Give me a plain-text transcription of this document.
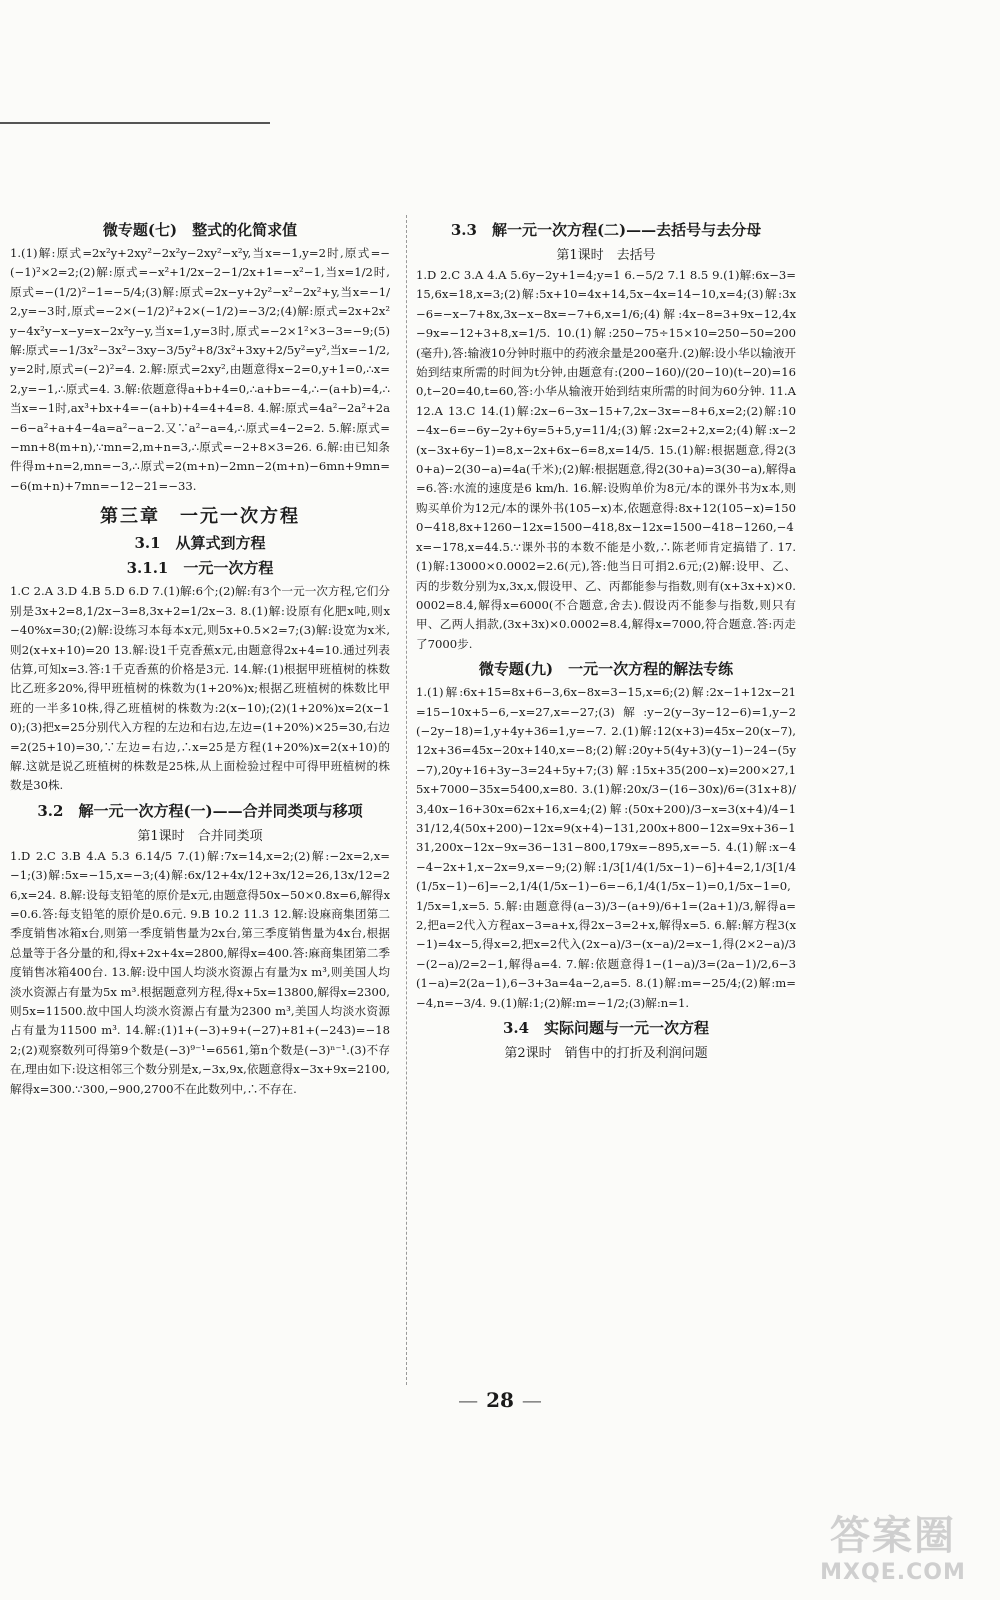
微专题(七)　整式的化简求值

1.(1)解:原式=2x²y+2xy²−2x²y−2xy²−x²y,当x=−1,y=2时,原式=−(−1)²×2=2;(2)解:原式=−x²+1/2x−2−1/2x+1=−x²−1,当x=1/2时,原式=−(1/2)²−1=−5/4;(3)解:原式=2x−y+2y²−x²−2x²+y,当x=−1/2,y=−3时,原式=−2×(−1/2)²+2×(−1/2)=−3/2;(4)解:原式=2x+2x²y−4x²y−x−y=x−2x²y−y,当x=1,y=3时,原式=−2×1²×3−3=−9;(5)解:原式=−1/3x²−3x²−3xy−3/5y²+8/3x²+3xy+2/5y²=y²,当x=−1/2,y=2时,原式=(−2)²=4. 2.解:原式=2xy²,由题意得x−2=0,y+1=0,∴x=2,y=−1,∴原式=4. 3.解:依题意得a+b+4=0,∴a+b=−4,∴−(a+b)=4,∴当x=−1时,ax³+bx+4=−(a+b)+4=4+4=8. 4.解:原式=4a²−2a²+2a−6−a²+a+4−4a=a²−a−2.又∵a²−a=4,∴原式=4−2=2. 5.解:原式=−mn+8(m+n),∵mn=2,m+n=3,∴原式=−2+8×3=26. 6.解:由已知条件得m+n=2,mn=−3,∴原式=2(m+n)−2mn−2(m+n)−6mn+9mn=−6(m+n)+7mn=−12−21=−33.

第三章　一元一次方程
3.1　从算式到方程
3.1.1　一元一次方程

1.C 2.A 3.D 4.B 5.D 6.D 7.(1)解:6个;(2)解:有3个一元一次方程,它们分别是3x+2=8,1/2x−3=8,3x+2=1/2x−3. 8.(1)解:设原有化肥x吨,则x−40%x=30;(2)解:设练习本每本x元,则5x+0.5×2=7;(3)解:设宽为x米,则2(x+x+10)=20 13.解:设1千克香蕉x元,由题意得2x+4=10.通过列表估算,可知x=3.答:1千克香蕉的价格是3元. 14.解:(1)根据甲班植树的株数比乙班多20%,得甲班植树的株数为(1+20%)x;根据乙班植树的株数比甲班的一半多10株,得乙班植树的株数为:2(x−10);(2)(1+20%)x=2(x−10);(3)把x=25分别代入方程的左边和右边,左边=(1+20%)×25=30,右边=2(25+10)=30,∵左边=右边,∴x=25是方程(1+20%)x=2(x+10)的解.这就是说乙班植树的株数是25株,从上面检验过程中可得甲班植树的株数是30株.

3.2　解一元一次方程(一)——合并同类项与移项
第1课时　合并同类项

1.D 2.C 3.B 4.A 5.3 6.14/5 7.(1)解:7x=14,x=2;(2)解:−2x=2,x=−1;(3)解:5x=−15,x=−3;(4)解:6x/12+4x/12+3x/12=26,13x/12=26,x=24. 8.解:设每支铅笔的原价是x元,由题意得50x−50×0.8x=6,解得x=0.6.答:每支铅笔的原价是0.6元. 9.B 10.2 11.3 12.解:设麻商集团第二季度销售冰箱x台,则第一季度销售量为2x台,第三季度销售量为4x台,根据总量等于各分量的和,得x+2x+4x=2800,解得x=400.答:麻商集团第二季度销售冰箱400台. 13.解:设中国人均淡水资源占有量为x m³,则美国人均淡水资源占有量为5x m³.根据题意列方程,得x+5x=13800,解得x=2300,则5x=11500.故中国人均淡水资源占有量为2300 m³,美国人均淡水资源占有量为11500 m³. 14.解:(1)1+(−3)+9+(−27)+81+(−243)=−182;(2)观察数列可得第9个数是(−3)⁹⁻¹=6561,第n个数是(−3)ⁿ⁻¹.(3)不存在,理由如下:设这相邻三个数分别是x,−3x,9x,依题意得x−3x+9x=2100,解得x=300.∵300,−900,2700不在此数列中,∴不存在.

3.3　解一元一次方程(二)——去括号与去分母
第1课时　去括号

1.D 2.C 3.A 4.A 5.6y−2y+1=4;y=1 6.−5/2 7.1 8.5 9.(1)解:6x−3=15,6x=18,x=3;(2)解:5x+10=4x+14,5x−4x=14−10,x=4;(3)解:3x−6=−x−7+8x,3x−x−8x=−7+6,x=1/6;(4)解:4x−8=3+9x−12,4x−9x=−12+3+8,x=1/5. 10.(1)解:250−75÷15×10=250−50=200(毫升),答:输液10分钟时瓶中的药液余量是200毫升.(2)解:设小华以输液开始到结束所需的时间为t分钟,由题意有:(200−160)/(20−10)(t−20)=160,t−20=40,t=60,答:小华从输液开始到结束所需的时间为60分钟. 11.A 12.A 13.C 14.(1)解:2x−6−3x−15+7,2x−3x=−8+6,x=2;(2)解:10−4x−6=−6y−2y+6y=5+5,y=11/4;(3)解:2x=2+2,x=2;(4)解:x−2(x−3x+6y−1)=8,x−2x+6x−6=8,x=14/5. 15.(1)解:根据题意,得2(30+a)−2(30−a)=4a(千米);(2)解:根据题意,得2(30+a)=3(30−a),解得a=6.答:水流的速度是6 km/h. 16.解:设购单价为8元/本的课外书为x本,则购买单价为12元/本的课外书(105−x)本,依题意得:8x+12(105−x)=1500−418,8x+1260−12x=1500−418,8x−12x=1500−418−1260,−4x=−178,x=44.5.∵课外书的本数不能是小数,∴陈老师肯定搞错了. 17.(1)解:13000×0.0002=2.6(元),答:他当日可捐2.6元;(2)解:设甲、乙、丙的步数分别为x,3x,x,假设甲、乙、丙都能参与指数,则有(x+3x+x)×0.0002=8.4,解得x=6000(不合题意,舍去).假设丙不能参与指数,则只有甲、乙两人捐款,(3x+3x)×0.0002=8.4,解得x=7000,符合题意.答:丙走了7000步.

微专题(九)　一元一次方程的解法专练

1.(1)解:6x+15=8x+6−3,6x−8x=3−15,x=6;(2)解:2x−1+12x−21=15−10x+5−6,−x=27,x=−27;(3)解:y−2(y−3y−12−6)=1,y−2(−2y−18)=1,y+4y+36=1,y=−7. 2.(1)解:12(x+3)=45x−20(x−7),12x+36=45x−20x+140,x=−8;(2)解:20y+5(4y+3)(y−1)−24−(5y−7),20y+16+3y−3=24+5y+7;(3)解:15x+35(200−x)=200×27,15x+7000−35x=5400,x=80. 3.(1)解:20x/3−(16−30x)/6=(31x+8)/3,40x−16+30x=62x+16,x=4;(2)解:(50x+200)/3−x=3(x+4)/4−131/12,4(50x+200)−12x=9(x+4)−131,200x+800−12x=9x+36−131,200x−12x−9x=36−131−800,179x=−895,x=−5. 4.(1)解:x−4−4−2x+1,x−2x=9,x=−9;(2)解:1/3[1/4(1/5x−1)−6]+4=2,1/3[1/4(1/5x−1)−6]=−2,1/4(1/5x−1)−6=−6,1/4(1/5x−1)=0,1/5x−1=0,1/5x=1,x=5. 5.解:由题意得(a−3)/3−(a+9)/6+1=(2a+1)/3,解得a=2,把a=2代入方程ax−3=a+x,得2x−3=2+x,解得x=5. 6.解:解方程3(x−1)=4x−5,得x=2,把x=2代入(2x−a)/3−(x−a)/2=x−1,得(2×2−a)/3−(2−a)/2=2−1,解得a=4. 7.解:依题意得1−(1−a)/3=(2a−1)/2,6−3(1−a)=2(2a−1),6−3+3a=4a−2,a=5. 8.(1)解:m=−25/4;(2)解:m=−4,n=−3/4. 9.(1)解:1;(2)解:m=−1/2;(3)解:n=1.

3.4　实际问题与一元一次方程
第2课时　销售中的打折及利润问题
— 28 —
答案圈
MXQE.COM
